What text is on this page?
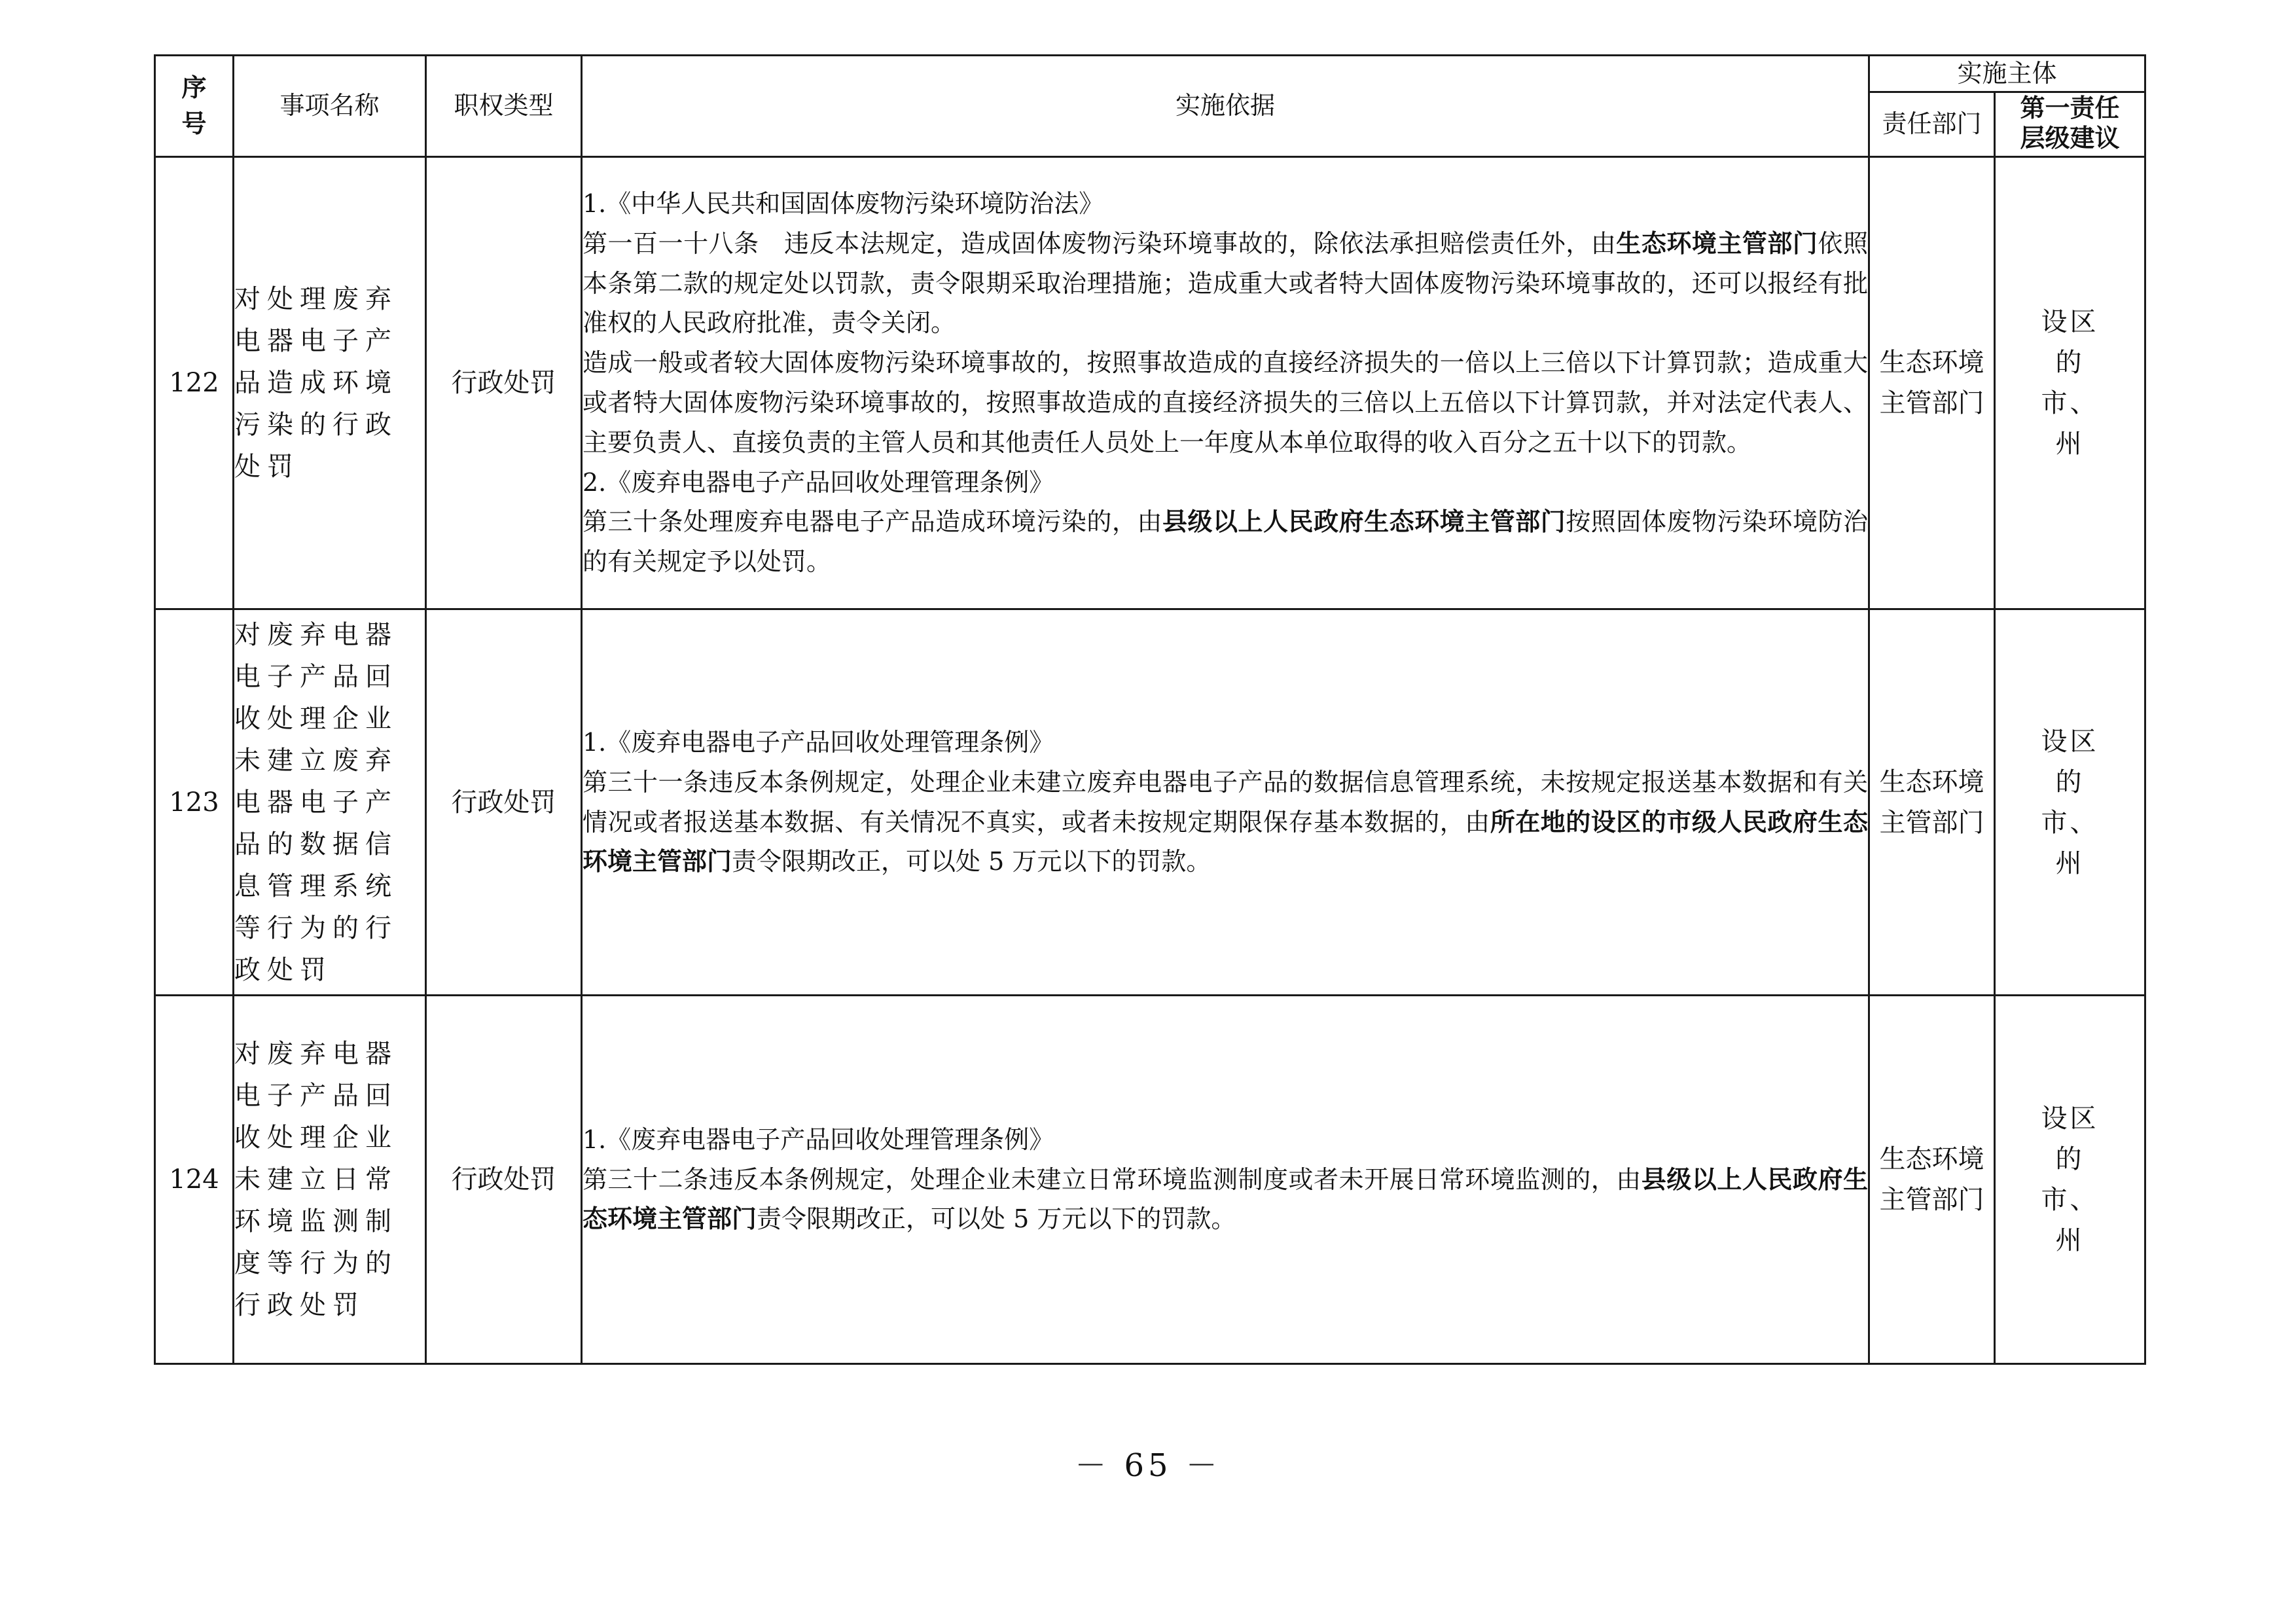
序号	事项名称	职权类型	实施依据	实施主体	
				责任部门	第一责任层级建议
122	对处理废弃电器电子产品造成环境污染的行政处罚	行政处罚	1.《中华人民共和国固体废物污染环境防治法》

第一百一十八条　违反本法规定，造成固体废物污染环境事故的，除依法承担赔偿责任外，由生态环境主管部门依照本条第二款的规定处以罚款，责令限期采取治理措施；造成重大或者特大固体废物污染环境事故的，还可以报经有批准权的人民政府批准，责令关闭。

造成一般或者较大固体废物污染环境事故的，按照事故造成的直接经济损失的一倍以上三倍以下计算罚款；造成重大或者特大固体废物污染环境事故的，按照事故造成的直接经济损失的三倍以上五倍以下计算罚款，并对法定代表人、主要负责人、直接负责的主管人员和其他责任人员处上一年度从本单位取得的收入百分之五十以下的罚款。

2.《废弃电器电子产品回收处理管理条例》

第三十条处理废弃电器电子产品造成环境污染的，由县级以上人民政府生态环境主管部门按照固体废物污染环境防治的有关规定予以处罚。	生态环境主管部门	设区的市、州
123	对废弃电器电子产品回收处理企业未建立废弃电器电子产品的数据信息管理系统等行为的行政处罚	行政处罚	1.《废弃电器电子产品回收处理管理条例》

第三十一条违反本条例规定，处理企业未建立废弃电器电子产品的数据信息管理系统，未按规定报送基本数据和有关情况或者报送基本数据、有关情况不真实，或者未按规定期限保存基本数据的，由所在地的设区的市级人民政府生态环境主管部门责令限期改正，可以处 5 万元以下的罚款。	生态环境主管部门	设区的市、州
124	对废弃电器电子产品回收处理企业未建立日常环境监测制度等行为的行政处罚	行政处罚	1.《废弃电器电子产品回收处理管理条例》

第三十二条违反本条例规定，处理企业未建立日常环境监测制度或者未开展日常环境监测的，由县级以上人民政府生态环境主管部门责令限期改正，可以处 5 万元以下的罚款。	生态环境主管部门	设区的市、州
－ 65 －
